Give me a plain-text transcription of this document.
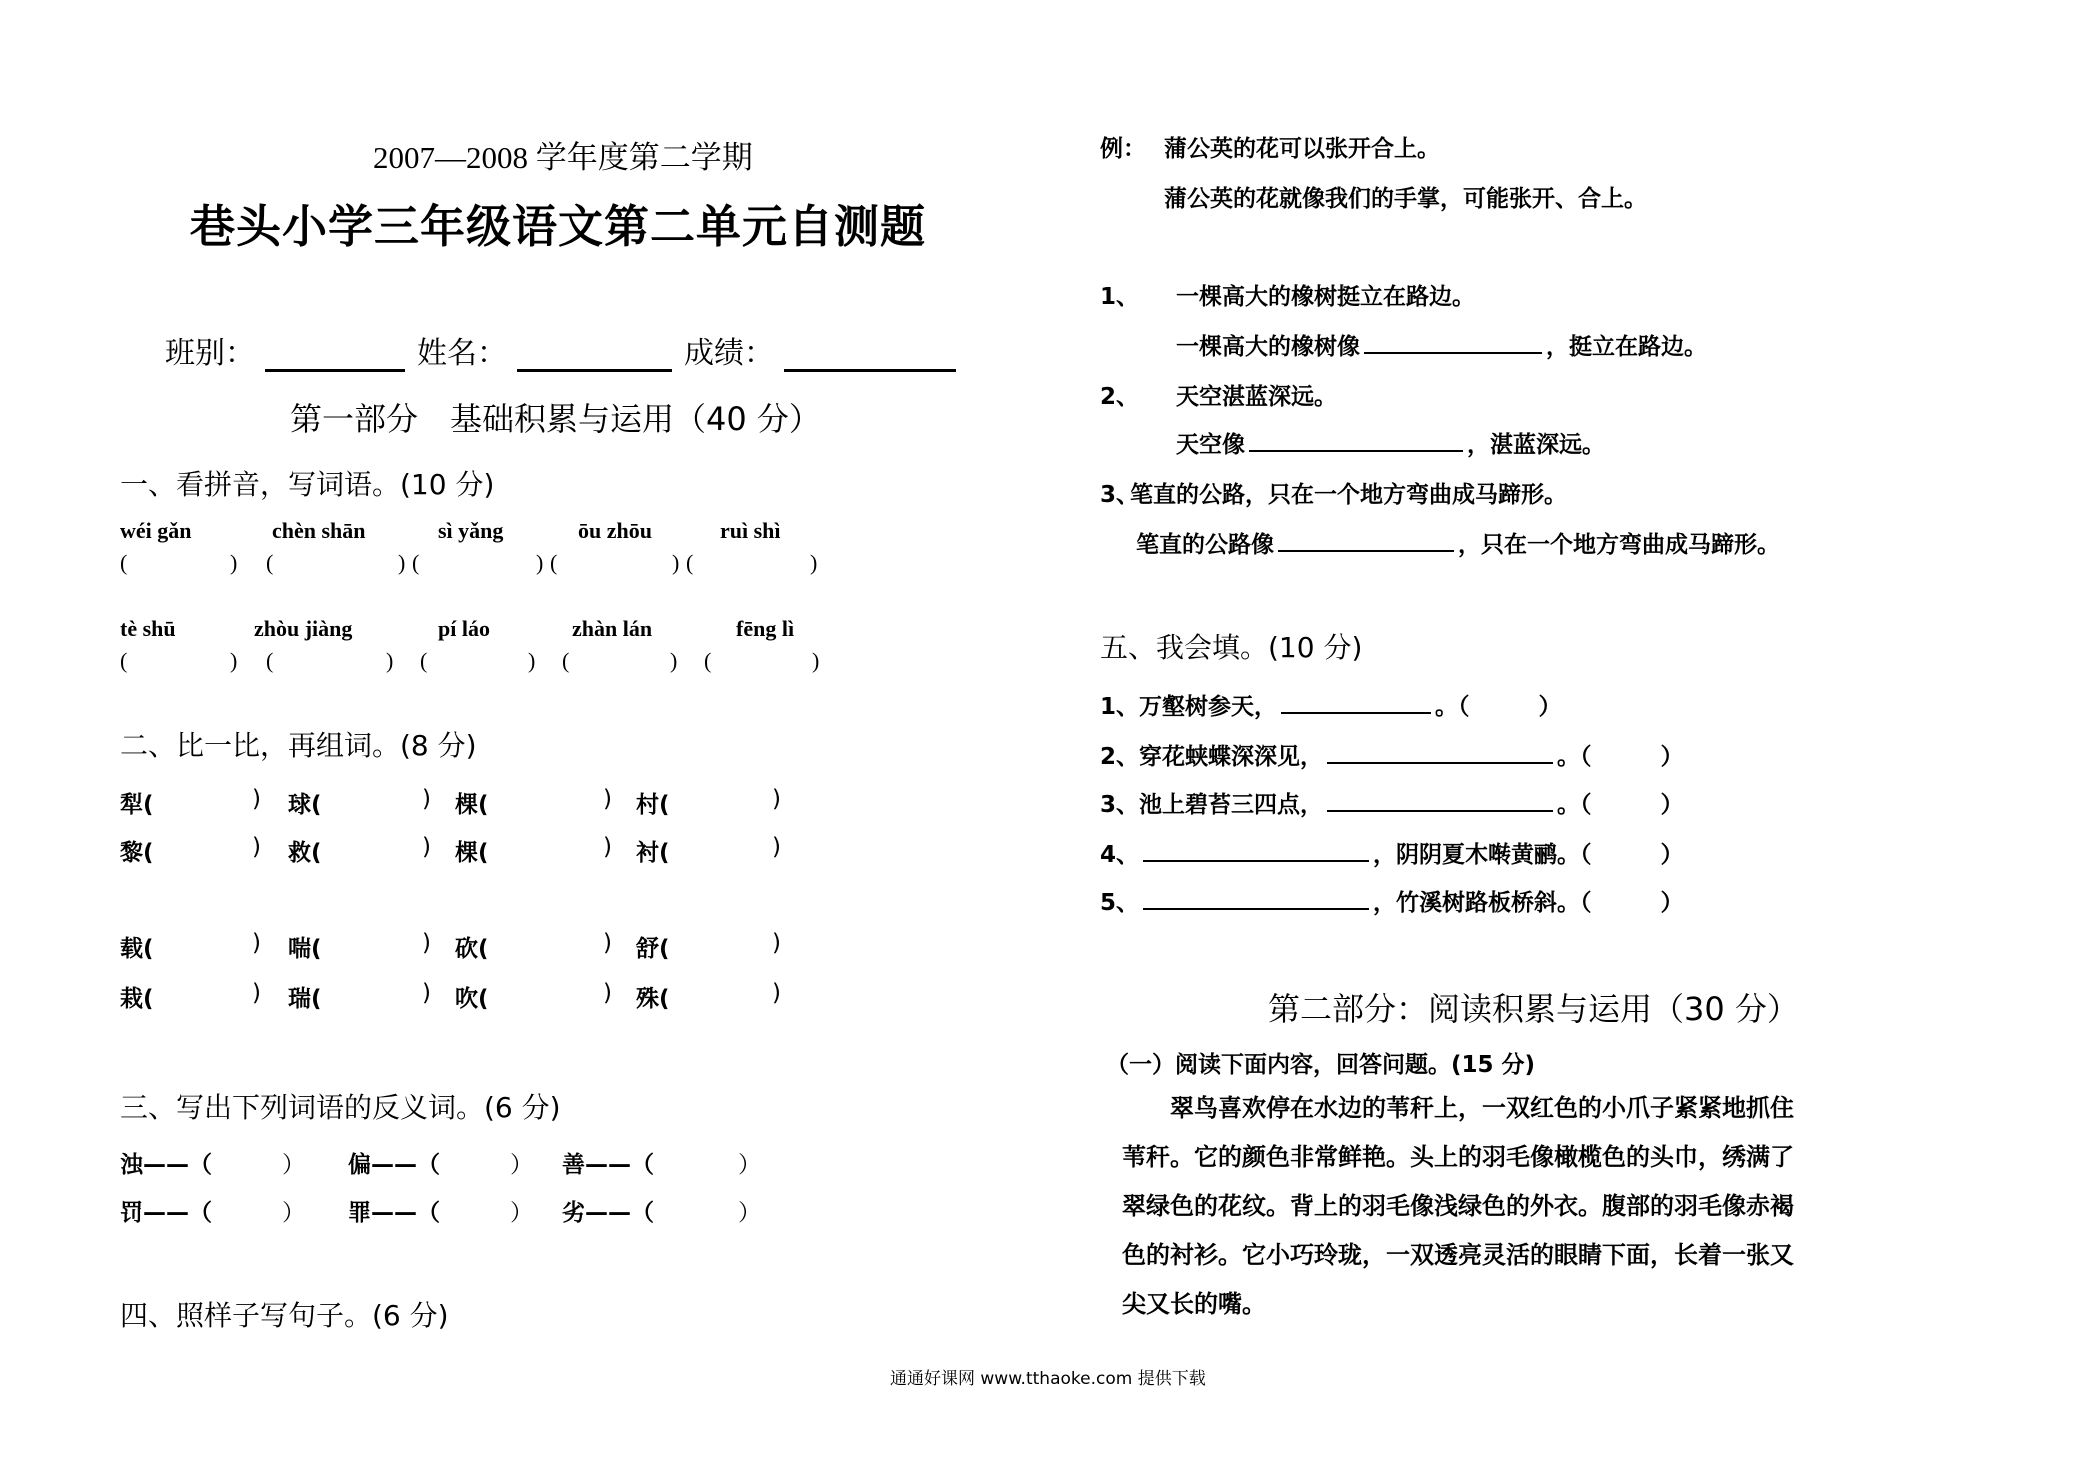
2007—2008 学年度第二学期
巷头小学三年级语文第二单元自测题
班别：	姓名：	成绩：
第一部分　基础积累与运用（40 分）
一、看拼音，写词语。(10 分)
wéi gǎn	chèn shān	sì yǎng	ōu zhōu	ruì shì
(	) (	) (	) (	) (	)
tè shū	zhòu jiàng	pí láo	zhàn lán	fēng lì
(	) (	) (	) (	) (	)
二、比一比，再组词。(8 分)
犁(	) 球(	) 棵(	) 村(	)
黎(	) 救(	) 棵(	) 衬(	)
载(	) 喘(	) 砍(	) 舒(	)
栽(	) 瑞(	) 吹(	) 殊(	)
三、写出下列词语的反义词。(6 分)
浊——（	） 偏——（	） 善——（	）
罚——（	） 罪——（	） 劣——（	）
四、照样子写句子。(6 分)
通通好课网 www.tthaoke.com 提供下载
例： 蒲公英的花可以张开合上。
蒲公英的花就像我们的手掌，可能张开、合上。
1、 一棵高大的橡树挺立在路边。
一棵高大的橡树像	，挺立在路边。
2、 天空湛蓝深远。
天空像	，湛蓝深远。
3、
笔直的公路，只在一个地方弯曲成马蹄形。
笔直的公路像	，只在一个地方弯曲成马蹄形。
五、我会填。(10 分)
1、万壑树参天，	。（　　　）
2、穿花蛱蝶深深见，	。（　　　）
3、池上碧苔三四点，	。（　　　）
4、	，阴阴夏木啭黄鹂。（　　　）
5、	，竹溪树路板桥斜。（　　　）
第二部分：阅读积累与运用（30 分）
（一）阅读下面内容，回答问题。(15 分)
翠鸟喜欢停在水边的苇秆上，一双红色的小爪子紧紧地抓住
苇秆。它的颜色非常鲜艳。头上的羽毛像橄榄色的头巾，绣满了
翠绿色的花纹。背上的羽毛像浅绿色的外衣。腹部的羽毛像赤褐
色的衬衫。它小巧玲珑，一双透亮灵活的眼睛下面，长着一张又
尖又长的嘴。
